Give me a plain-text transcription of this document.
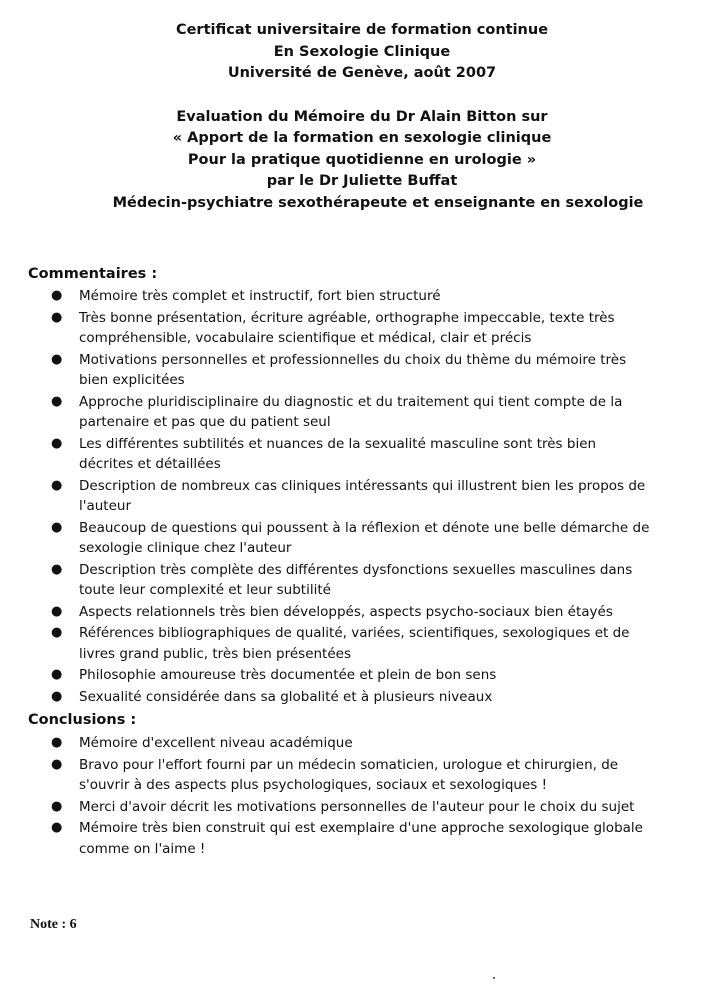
Certificat universitaire de formation continue
En Sexologie Clinique
Université de Genève, août 2007
Evaluation du Mémoire du Dr Alain Bitton sur
« Apport de la formation en sexologie clinique
Pour la pratique quotidienne en urologie »
par le Dr Juliette Buffat
Médecin-psychiatre sexothérapeute et enseignante en sexologie
Commentaires :
● Mémoire très complet et instructif, fort bien structuré
● Très bonne présentation, écriture agréable, orthographe impeccable, texte très compréhensible, vocabulaire scientifique et médical, clair et précis
● Motivations personnelles et professionnelles du choix du thème du mémoire très bien explicitées
● Approche pluridisciplinaire du diagnostic et du traitement qui tient compte de la partenaire et pas que du patient seul
● Les différentes subtilités et nuances de la sexualité masculine sont très bien décrites et détaillées
● Description de nombreux cas cliniques intéressants qui illustrent bien les propos de l'auteur
● Beaucoup de questions qui poussent à la réflexion et dénote une belle démarche de sexologie clinique chez l'auteur
● Description très complète des différentes dysfonctions sexuelles masculines dans toute leur complexité et leur subtilité
● Aspects relationnels très bien développés, aspects psycho-sociaux bien étayés
● Références bibliographiques de qualité, variées, scientifiques, sexologiques et de livres grand public, très bien présentées
● Philosophie amoureuse très documentée et plein de bon sens
● Sexualité considérée dans sa globalité et à plusieurs niveaux
Conclusions :
● Mémoire d'excellent niveau académique
● Bravo pour l'effort fourni par un médecin somaticien, urologue et chirurgien, de s'ouvrir à des aspects plus psychologiques, sociaux et sexologiques !
● Merci d'avoir décrit les motivations personnelles de l'auteur pour le choix du sujet
● Mémoire très bien construit qui est exemplaire d'une approche sexologique globale comme on l'aime !
Note : 6
